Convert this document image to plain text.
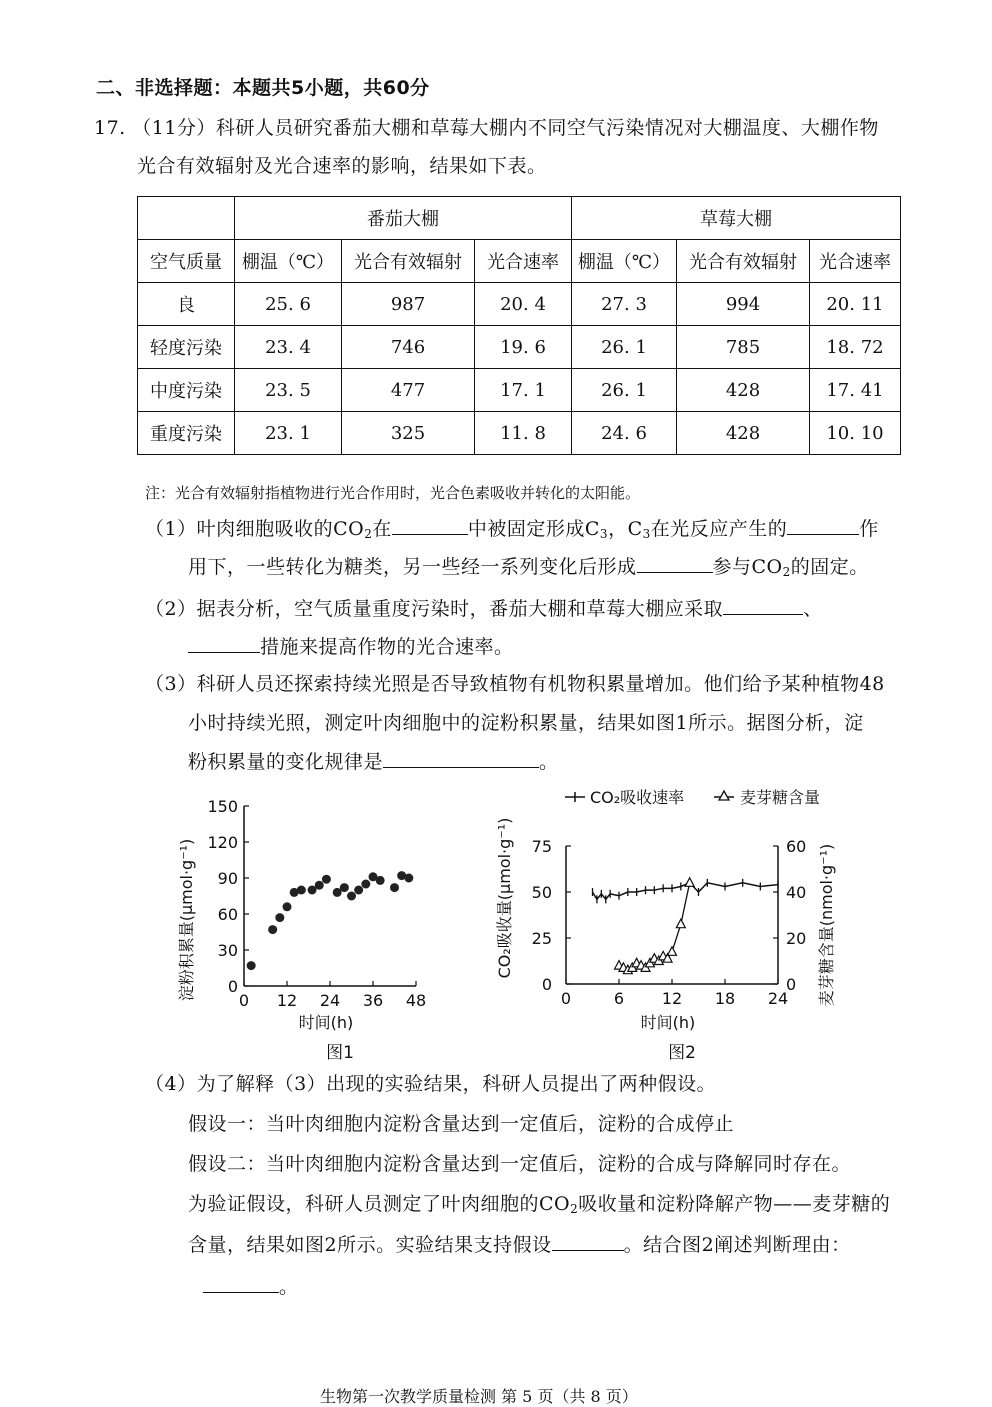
二、非选择题：本题共5小题，共60分
17. （11分）科研人员研究番茄大棚和草莓大棚内不同空气污染情况对大棚温度、大棚作物
光合有效辐射及光合速率的影响，结果如下表。
	番茄大棚			草莓大棚		
空气质量	棚温（℃）	光合有效辐射	光合速率	棚温（℃）	光合有效辐射	光合速率
良	25. 6	987	20. 4	27. 3	994	20. 11
轻度污染	23. 4	746	19. 6	26. 1	785	18. 72
中度污染	23. 5	477	17. 1	26. 1	428	17. 41
重度污染	23. 1	325	11. 8	24. 6	428	10. 10
注：光合有效辐射指植物进行光合作用时，光合色素吸收并转化的太阳能。
（1）叶肉细胞吸收的$CO_2$在	中被固定形成$C_3$，$C_3$在光反应产生的	作
用下，一些转化为糖类，另一些经一系列变化后形成	参与$CO_2$的固定。
（2）据表分析，空气质量重度污染时，番茄大棚和草莓大棚应采取	、
措施来提高作物的光合速率。
（3）科研人员还探索持续光照是否导致植物有机物积累量增加。他们给予某种植物48
小时持续光照，测定叶肉细胞中的淀粉积累量，结果如图1所示。据图分析，淀
粉积累量的变化规律是	。
淀粉积累量(μmol·g⁻¹)
时间(h)
图1
0
30
60
90
120
150
0 12 24 36 48
CO₂吸收量(μmol·g⁻¹)	麦芽糖含量(nmol·g⁻¹)
时间(h)
图2
CO₂吸收速率	麦芽糖含量
0
25
50
75
0
20
40
60
0	6 12 18 24
（4）为了解释（3）出现的实验结果，科研人员提出了两种假设。
假设一：当叶肉细胞内淀粉含量达到一定值后，淀粉的合成停止
假设二：当叶肉细胞内淀粉含量达到一定值后，淀粉的合成与降解同时存在。
为验证假设，科研人员测定了叶肉细胞的$CO_2$吸收量和淀粉降解产物——麦芽糖的
含量，结果如图2所示。实验结果支持假设	。结合图2阐述判断理由：
。
生物第一次教学质量检测 第 5 页（共 8 页）
